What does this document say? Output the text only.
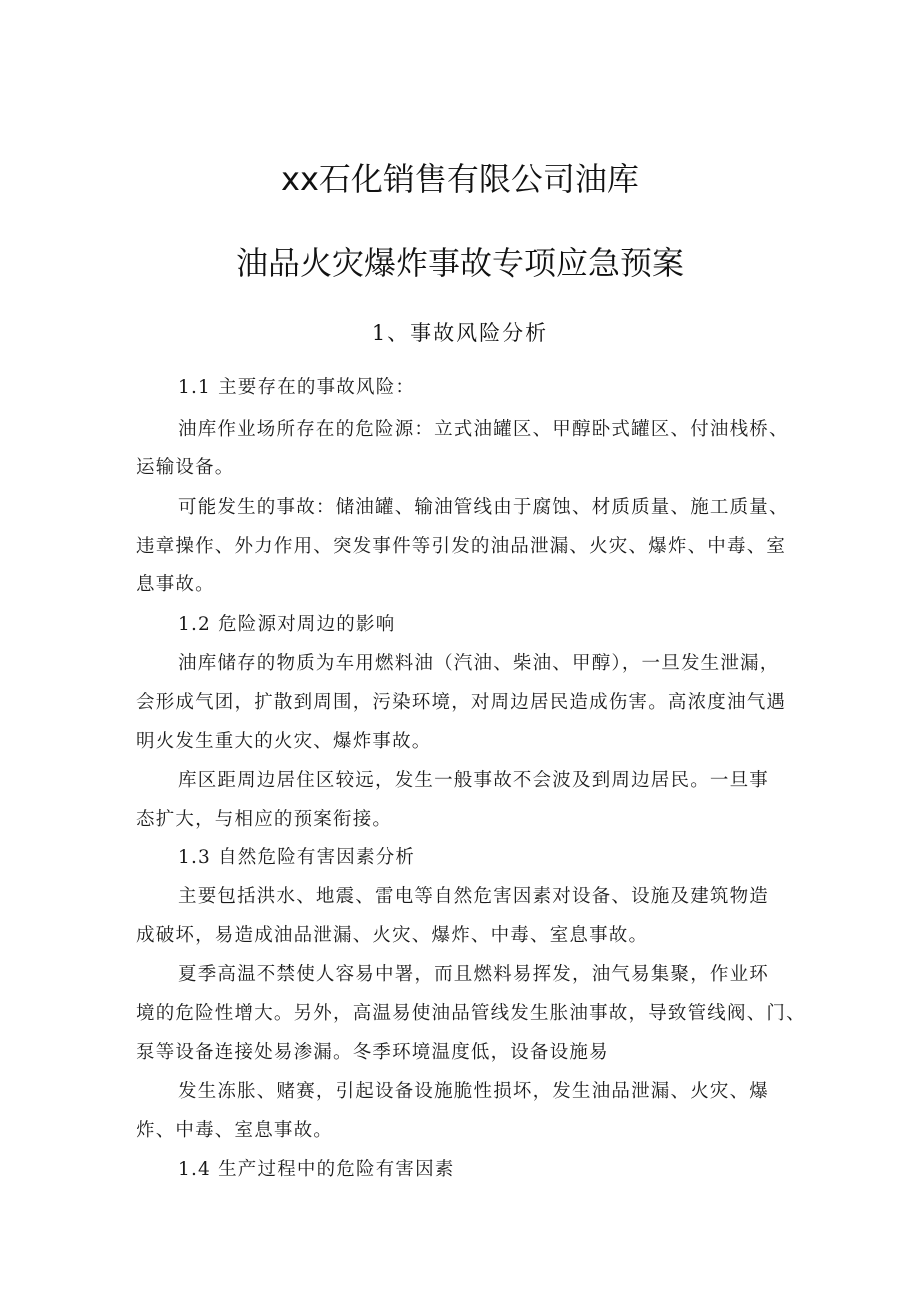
xx石化销售有限公司油库
油品火灾爆炸事故专项应急预案
1、事故风险分析
1.1 主要存在的事故风险：
油库作业场所存在的危险源：立式油罐区、甲醇卧式罐区、付油栈桥、
运输设备。
可能发生的事故：储油罐、输油管线由于腐蚀、材质质量、施工质量、
违章操作、外力作用、突发事件等引发的油品泄漏、火灾、爆炸、中毒、室
息事故。
1.2 危险源对周边的影响
油库储存的物质为车用燃料油（汽油、柴油、甲醇），一旦发生泄漏，
会形成气团，扩散到周围，污染环境，对周边居民造成伤害。高浓度油气遇
明火发生重大的火灾、爆炸事故。
库区距周边居住区较远，发生一般事故不会波及到周边居民。一旦事
态扩大，与相应的预案衔接。
1.3 自然危险有害因素分析
主要包括洪水、地震、雷电等自然危害因素对设备、设施及建筑物造
成破坏，易造成油品泄漏、火灾、爆炸、中毒、室息事故。
夏季高温不禁使人容易中署，而且燃料易挥发，油气易集聚，作业环
境的危险性增大。另外，高温易使油品管线发生胀油事故，导致管线阀、门、
泵等设备连接处易渗漏。冬季环境温度低，设备设施易
发生冻胀、赌赛，引起设备设施脆性损坏，发生油品泄漏、火灾、爆
炸、中毒、室息事故。
1.4 生产过程中的危险有害因素
